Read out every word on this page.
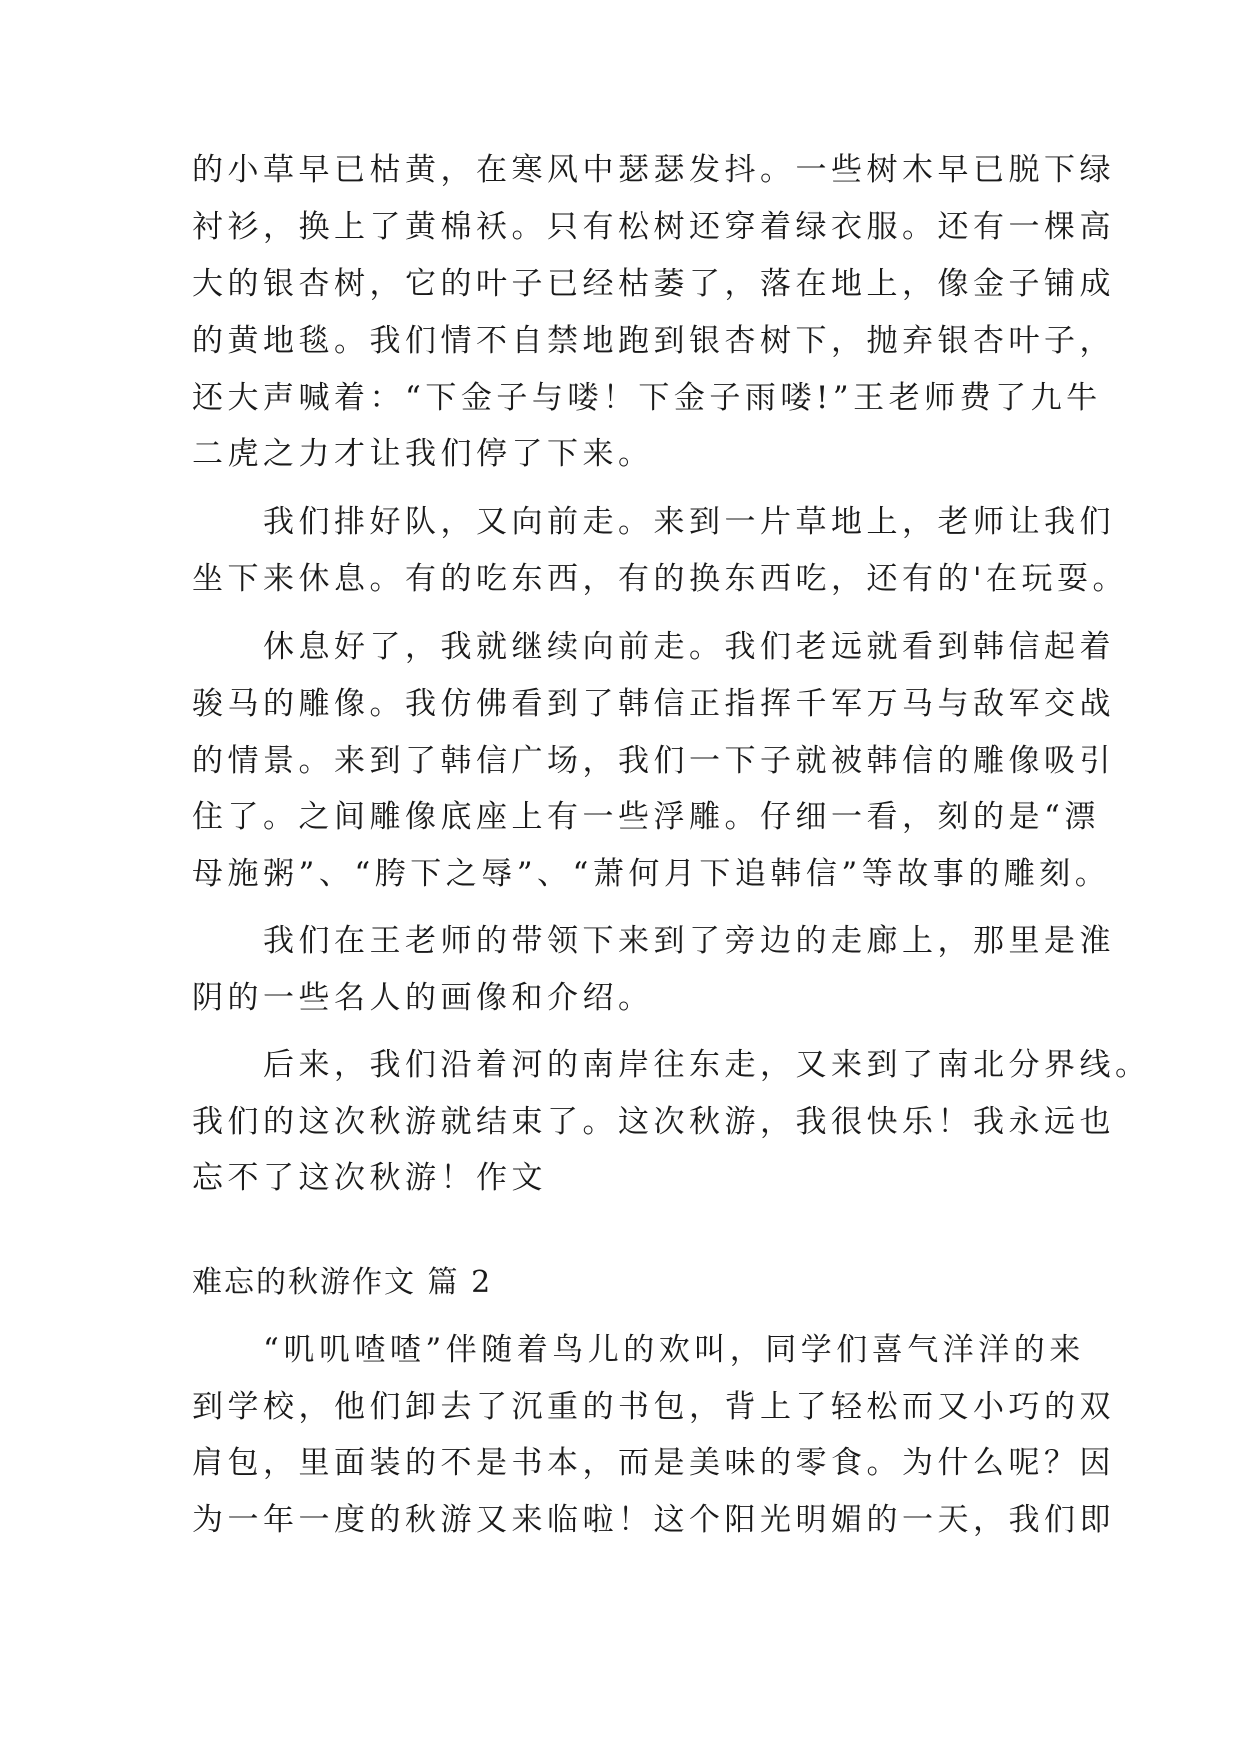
的小草早已枯黄，在寒风中瑟瑟发抖。一些树木早已脱下绿
衬衫，换上了黄棉袄。只有松树还穿着绿衣服。还有一棵高
大的银杏树，它的叶子已经枯萎了，落在地上，像金子铺成
的黄地毯。我们情不自禁地跑到银杏树下，抛弃银杏叶子，
还大声喊着：“下金子与喽！下金子雨喽!”王老师费了九牛
二虎之力才让我们停了下来。
　　我们排好队，又向前走。来到一片草地上，老师让我们
坐下来休息。有的吃东西，有的换东西吃，还有的'在玩耍。
　　休息好了，我就继续向前走。我们老远就看到韩信起着
骏马的雕像。我仿佛看到了韩信正指挥千军万马与敌军交战
的情景。来到了韩信广场，我们一下子就被韩信的雕像吸引
住了。之间雕像底座上有一些浮雕。仔细一看，刻的是“漂
母施粥”、“胯下之辱”、“萧何月下追韩信”等故事的雕刻。
　　我们在王老师的带领下来到了旁边的走廊上，那里是淮
阴的一些名人的画像和介绍。
　　后来，我们沿着河的南岸往东走，又来到了南北分界线。
我们的这次秋游就结束了。这次秋游，我很快乐！我永远也
忘不了这次秋游！作文
难忘的秋游作文 篇 2
　　“叽叽喳喳”伴随着鸟儿的欢叫，同学们喜气洋洋的来
到学校，他们卸去了沉重的书包，背上了轻松而又小巧的双
肩包，里面装的不是书本，而是美味的零食。为什么呢？因
为一年一度的秋游又来临啦！这个阳光明媚的一天，我们即
